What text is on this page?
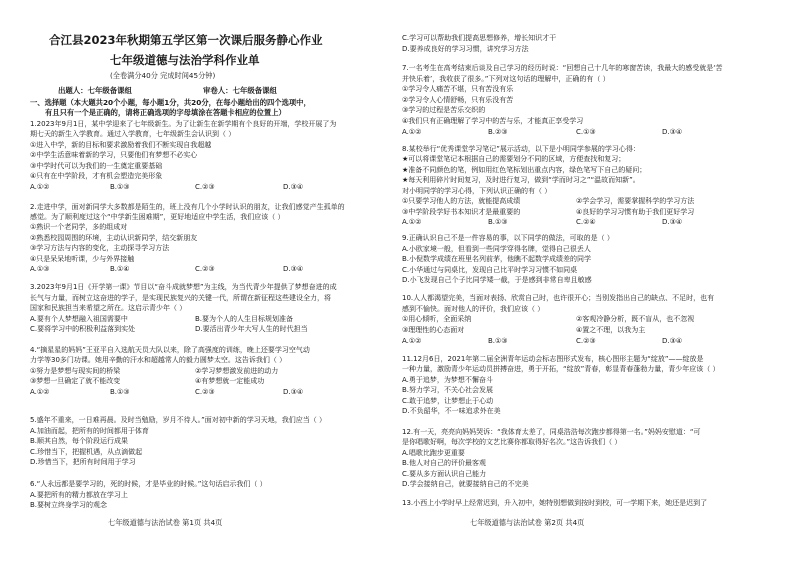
合江县2023年秋期第五学区第一次课后服务静心作业
七年级道德与法治学科作业单
(全卷满分40分 完成时间45分钟)
出题人：七年级备课组	审卷人：七年级备课组
一、选择题（本大题共20个小题，每小题1分，共20分，在每小题给出的四个选项中，
有且只有一个是正确的，请将正确选项的字母填涂在答题卡相应的位置上）
1.2023年9月1日，某中学迎来了七年级新生。为了让新生在新学期有个良好的开端，学校开展了为
期七天的新生入学教育。通过入学教育，七年级新生会认识到（ ）
①进入中学，新的目标和要求激励着我们不断实现自我超越
②中学生活意味着新的学习，只要他们有梦想不必实心
③中学时代可以为我们的一生奠定重要基础
④只有在中学阶段，才有机会塑造完美形象
A.①②	B.①③	C.②③	D.③④
2.走进中学，面对新同学大多数都是陌生的，班上没有几个小学时认识的朋友，让我们感觉产生孤单的
感觉。为了顺利度过这个“中学新生困难期”，更好地适应中学生活，我们应该（ ）
①熟识一个老同学，多的组成对
②熟悉校园周围的环境，主动认识新同学，结交新朋友
③学习方法与内容的变化，主动探寻学习方法
④只是呆呆地听课，少与外界接触
A.①③	B.①④	C.②③	D.③④
3.2023年9月1日《开学第一课》节目以“奋斗成就梦想”为主线，为当代青少年提供了梦想奋进的成
长气与力量，而树立这奋进的学子，是实现民族复兴的关键一代，所谓在新征程这些建设全力，将
国家和民族担当来希望之所在。这启示青少年（ ）
A.要有个人梦想融入祖国需要中	B.要为个人的人生目标规划准备
C.要将学习中的积极利益落到实处	D.要活出青少年大写人生的时代担当
4.“摘星星的妈妈”王亚平自入选航天员大队以来，除了高强度的训练，晚上还要学习空气动
力学等30多门功课。她用辛勤的汗水和超越常人的毅力圆梦太空。这告诉我们（ ）
①努力是梦想与现实间的桥梁	②学习梦想激发前进的动力
③梦想一旦确定了就不能改变	④有梦想就一定能成功
A.①②	B.①③	C.②③	D.③④
5.盛年不重来，一日难再晨。及时当勉励，岁月不待人。”面对初中新的学习天地，我们应当（ ）
A.加油而起，把所有的时间都用于体育
B.顺其自然，每个阶段运行成果
C.珍惜当下，把握机遇，从点滴做起
D.珍惜当下，把所有时间用于学习
6.“人永远都是要学习的，死的时候，才是毕业的时候。”这句话启示我们（ ）
A.要把所有的精力都放在学习上
B.要树立终身学习的观念
七年级道德与法治试卷 第1页 共4页
C.学习可以帮助我们提高思想修养，增长知识才干
D.要养成良好的学习习惯，讲究学习方法
7.一名考生在高考结束后谈及自己学习的经历时说：“回想自己十几年的寒窗苦读，我最大的感受就是‘苦
并快乐着’，我收获了很多。”下列对这句话的理解中，正确的有（ ）
①学习令人痛苦不堪，只有苦没有乐
②学习令人心情舒畅，只有乐没有苦
③学习的过程是苦乐交织的
④我们只有正确理解了学习中的苦与乐，才能真正享受学习
A.①②	B.②③	C.①③	D.③④
8.某校举行“优秀课堂学习笔记”展示活动，以下是小明同学参展的学习心得：
★可以将课堂笔记本根据自己的需要划分不同的区域，方便查找和复习；
★准备不同颜色的笔，例如用红色笔标划出重点内容，绿色笔写下自己的疑问；
★每天利用碎片时间复习，及时进行复习，做到“学而时习之”“温故而知新”。
对小明同学的学习心得，下列认识正确的有（ ）
①只要学习他人的方法，就能提高成绩	②学会学习，需要掌握科学的学习方法
③中学阶段学好书本知识才是最重要的	④良好的学习习惯有助于我们更好学习
A.①②	B.①③	C.②④	D.③④
9.正确认识自己不是一件容易的事，以下同学的做法，可取的是（ ）
A.小欧家境一般，但看到一些同学穿得名牌，觉得自己很丢人
B.小倪数学成绩在班里名列前茅，他瞧不起数学成绩差的同学
C.小华通过与同桌比，发现自己比平时学习习惯不如同桌
D.小飞发现自己个子比同学矮一截，于是感到非常自卑且敏感
10.人人都渴望完美，当面对表扬、欣赏自己时，也许很开心；当别发指出自己的缺点、不足时，也有
感到不愉快。面对他人的评价，我们应该（ ）
①用心倾听，全面采纳	②客观冷静分析，既不盲从，也不忽视
③理理性的心态面对	④置之不理，以我为主
A.①②	B.①③	C.②③	D.③④
11.12月6日，2021年第二届全洲青年运动会标志图形式发布，核心图形主题为“绽放”——绽放是
一种力量，激励青少年运动员拼搏奋进，勇于开拓，“绽放”青春，彰显青春蓬勃力量，青少年应该（ ）
A.勇于追梦，为梦想不懈奋斗
B.努力学习，不关心社会发展
C.敢于追梦，让梦想止于心动
D.不负韶华，不一味追求外在美
12.有一天，亮亮向妈妈哭诉：“我体育太差了，同桌浩浩每次跑步都得第一名。”妈妈安慰道：“可
是你唱歌好啊，每次学校的文艺比赛你都取得好名次。”这告诉我们（ ）
A.唱歌比跑步更重要
B.他人对自己的评价最客观
C.要从多方面认识自己能力
D.学会接纳自己，就要接纳自己的不完美
13.小西上小学时早上经常迟到，升入初中，她特别想做到按时到校，可一学期下来，她还是迟到了
七年级道德与法治试卷 第2页 共4页
